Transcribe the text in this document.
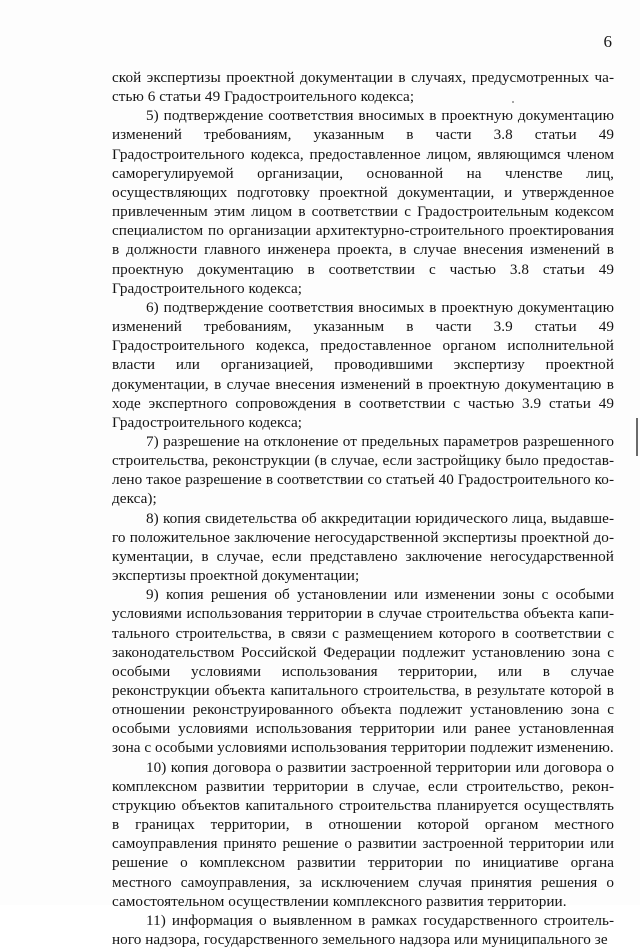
6

ской экспертизы проектной документации в случаях, предусмотренных частью 6 статьи 49 Градостроительного кодекса;

5) подтверждение соответствия вносимых в проектную документацию изменений требованиям, указанным в части 3.8 статьи 49 Градостроительного кодекса, предоставленное лицом, являющимся членом саморегулируемой организации, основанной на членстве лиц, осуществляющих подготовку проектной документации, и утвержденное привлеченным этим лицом в соответствии с Градостроительным кодексом специалистом по организации архитектурно-строительного проектирования в должности главного инженера проекта, в случае внесения изменений в проектную документацию в соответствии с частью 3.8 статьи 49 Градостроительного кодекса;

6) подтверждение соответствия вносимых в проектную документацию изменений требованиям, указанным в части 3.9 статьи 49 Градостроительного кодекса, предоставленное органом исполнительной власти или организацией, проводившими экспертизу проектной документации, в случае внесения изменений в проектную документацию в ходе экспертного сопровождения в соответствии с частью 3.9 статьи 49 Градостроительного кодекса;

7) разрешение на отклонение от предельных параметров разрешенного строительства, реконструкции (в случае, если застройщику было предоставлено такое разрешение в соответствии со статьей 40 Градостроительного кодекса);

8) копия свидетельства об аккредитации юридического лица, выдавшего положительное заключение негосударственной экспертизы проектной документации, в случае, если представлено заключение негосударственной экспертизы проектной документации;

9) копия решения об установлении или изменении зоны с особыми условиями использования территории в случае строительства объекта капитального строительства, в связи с размещением которого в соответствии с законодательством Российской Федерации подлежит установлению зона с особыми условиями использования территории, или в случае реконструкции объекта капитального строительства, в результате которой в отношении реконструированного объекта подлежит установлению зона с особыми условиями использования территории или ранее установленная зона с особыми условиями использования территории подлежит изменению.

10) копия договора о развитии застроенной территории или договора о комплексном развитии территории в случае, если строительство, реконструкцию объектов капитального строительства планируется осуществлять в границах территории, в отношении которой органом местного самоуправления принято решение о развитии застроенной территории или решение о комплексном развитии территории по инициативе органа местного самоуправления, за исключением случая принятия решения о самостоятельном осуществлении комплексного развития территории.

11) информация о выявленном в рамках государственного строительного надзора, государственного земельного надзора или муниципального зе
